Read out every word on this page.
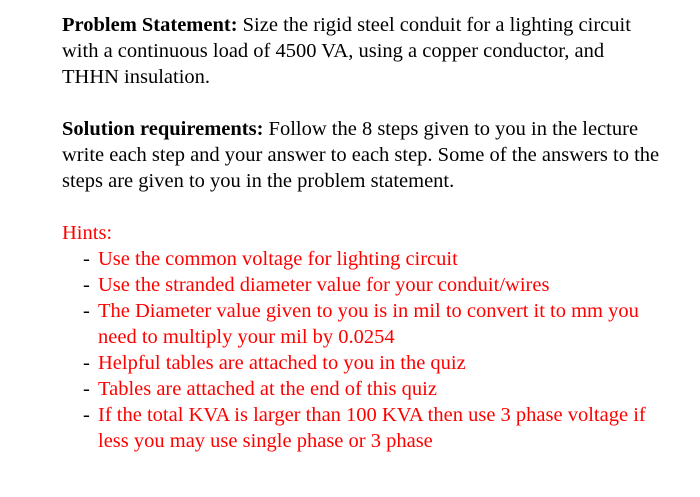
Problem Statement: Size the rigid steel conduit for a lighting circuit with a continuous load of 4500 VA, using a copper conductor, and THHN insulation.

Solution requirements: Follow the 8 steps given to you in the lecture write each step and your answer to each step. Some of the answers to the steps are given to you in the problem statement.

Hints:

- Use the common voltage for lighting circuit
- Use the stranded diameter value for your conduit/wires
- The Diameter value given to you is in mil to convert it to mm you need to multiply your mil by 0.0254
- Helpful tables are attached to you in the quiz
- Tables are attached at the end of this quiz
- If the total KVA is larger than 100 KVA then use 3 phase voltage if less you may use single phase or 3 phase
